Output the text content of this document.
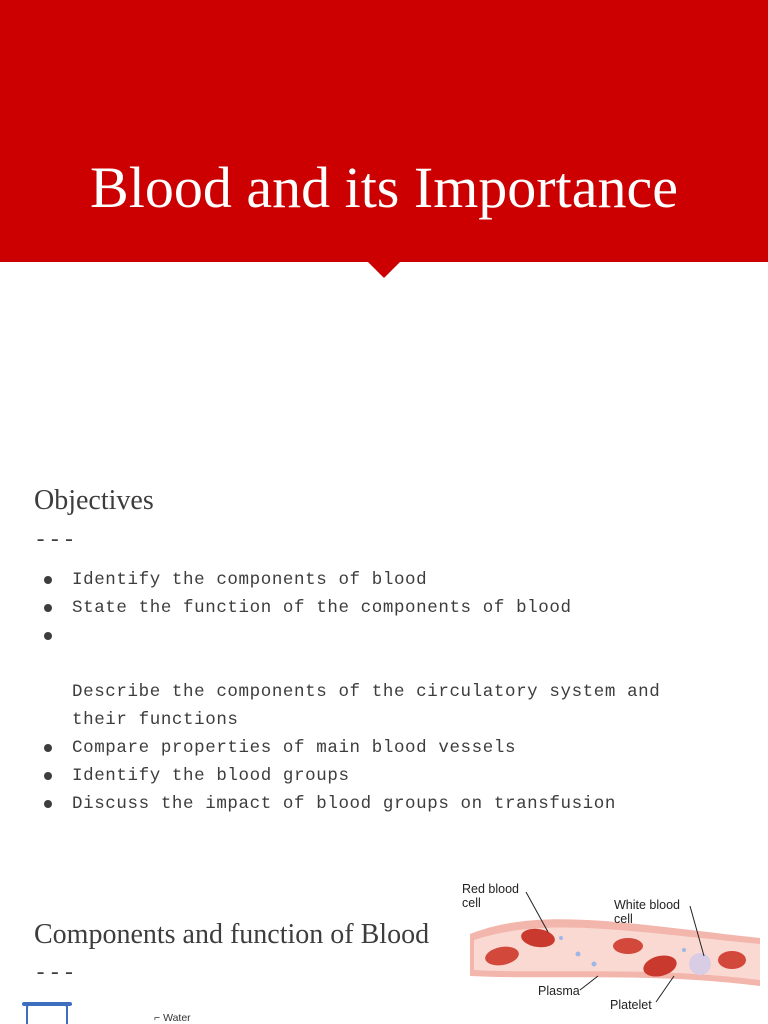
Blood and its Importance
Objectives
---
Identify the components of blood
State the function of the components of blood

Describe the components of the circulatory system and
their functions

Compare properties of main blood vessels
Identify the blood groups
Discuss the impact of blood groups on transfusion
Components and function of Blood
---
Red blood
cell	White blood
cell
Plasma
Platelet
⌐ Water
